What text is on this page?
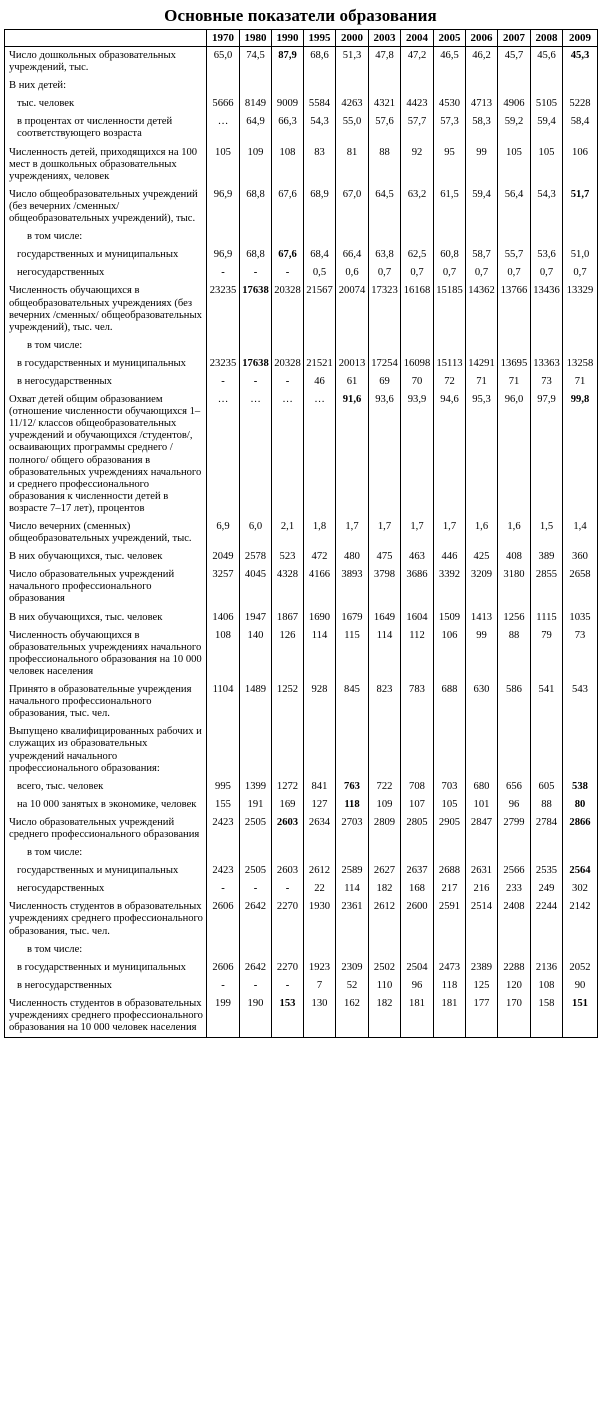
Основные показатели образования
	1970	1980	1990	1995	2000	2003	2004	2005	2006	2007	2008	2009
Число дошкольных образовательных учреждений, тыс.	65,0	74,5	87,9	68,6	51,3	47,8	47,2	46,5	46,2	45,7	45,6	45,3
В них детей:												
тыс. человек	5666	8149	9009	5584	4263	4321	4423	4530	4713	4906	5105	5228
в процентах от численности детей соответствующего возраста	…	64,9	66,3	54,3	55,0	57,6	57,7	57,3	58,3	59,2	59,4	58,4
Численность детей, приходящихся на 100 мест в дошкольных образовательных учреждениях, человек	105	109	108	83	81	88	92	95	99	105	105	106
Число общеобразовательных учреждений (без вечерних /сменных/ общеобразовательных учреждений), тыс.	96,9	68,8	67,6	68,9	67,0	64,5	63,2	61,5	59,4	56,4	54,3	51,7
в том числе:												
государственных и муниципальных	96,9	68,8	67,6	68,4	66,4	63,8	62,5	60,8	58,7	55,7	53,6	51,0
негосударственных	-	-	-	0,5	0,6	0,7	0,7	0,7	0,7	0,7	0,7	0,7
Численность обучающихся в общеобразовательных учреждениях (без вечерних /сменных/ общеобразовательных учреждений), тыс. чел.	23235	17638	20328	21567	20074	17323	16168	15185	14362	13766	13436	13329
в том числе:												
в государственных и муниципальных	23235	17638	20328	21521	20013	17254	16098	15113	14291	13695	13363	13258
в негосударственных	-	-	-	46	61	69	70	72	71	71	73	71
Охват детей общим образованием (отношение численности обучающихся 1–11/12/ классов общеобразовательных учреждений и обучающихся /студентов/, осваивающих программы среднего /полного/ общего образования в образовательных учреждениях начального и среднего профессионального образования к численности детей в возрасте 7–17 лет), процентов	…	…	…	…	91,6	93,6	93,9	94,6	95,3	96,0	97,9	99,8
Число вечерних (сменных) общеобразовательных учреждений, тыс.	6,9	6,0	2,1	1,8	1,7	1,7	1,7	1,7	1,6	1,6	1,5	1,4
В них обучающихся, тыс. человек	2049	2578	523	472	480	475	463	446	425	408	389	360
Число образовательных учреждений начального профессионального образования	3257	4045	4328	4166	3893	3798	3686	3392	3209	3180	2855	2658
В них обучающихся, тыс. человек	1406	1947	1867	1690	1679	1649	1604	1509	1413	1256	1115	1035
Численность обучающихся в образовательных учреждениях начального профессионального образования на 10 000 человек населения	108	140	126	114	115	114	112	106	99	88	79	73
Принято в образовательные учреждения начального профессионального образования, тыс. чел.	1104	1489	1252	928	845	823	783	688	630	586	541	543
Выпущено квалифицированных рабочих и служащих из образовательных учреждений начального профессионального образования:												
всего, тыс. человек	995	1399	1272	841	763	722	708	703	680	656	605	538
на 10 000 занятых в экономике, человек	155	191	169	127	118	109	107	105	101	96	88	80
Число образовательных учреждений среднего профессионального образования	2423	2505	2603	2634	2703	2809	2805	2905	2847	2799	2784	2866
в том числе:												
государственных и муниципальных	2423	2505	2603	2612	2589	2627	2637	2688	2631	2566	2535	2564
негосударственных	-	-	-	22	114	182	168	217	216	233	249	302
Численность студентов в образовательных учреждениях среднего профессионального образования, тыс. чел.	2606	2642	2270	1930	2361	2612	2600	2591	2514	2408	2244	2142
в том числе:												
в государственных и муниципальных	2606	2642	2270	1923	2309	2502	2504	2473	2389	2288	2136	2052
в негосударственных	-	-	-	7	52	110	96	118	125	120	108	90
Численность студентов в образовательных учреждениях среднего профессионального образования на 10 000 человек населения	199	190	153	130	162	182	181	181	177	170	158	151
